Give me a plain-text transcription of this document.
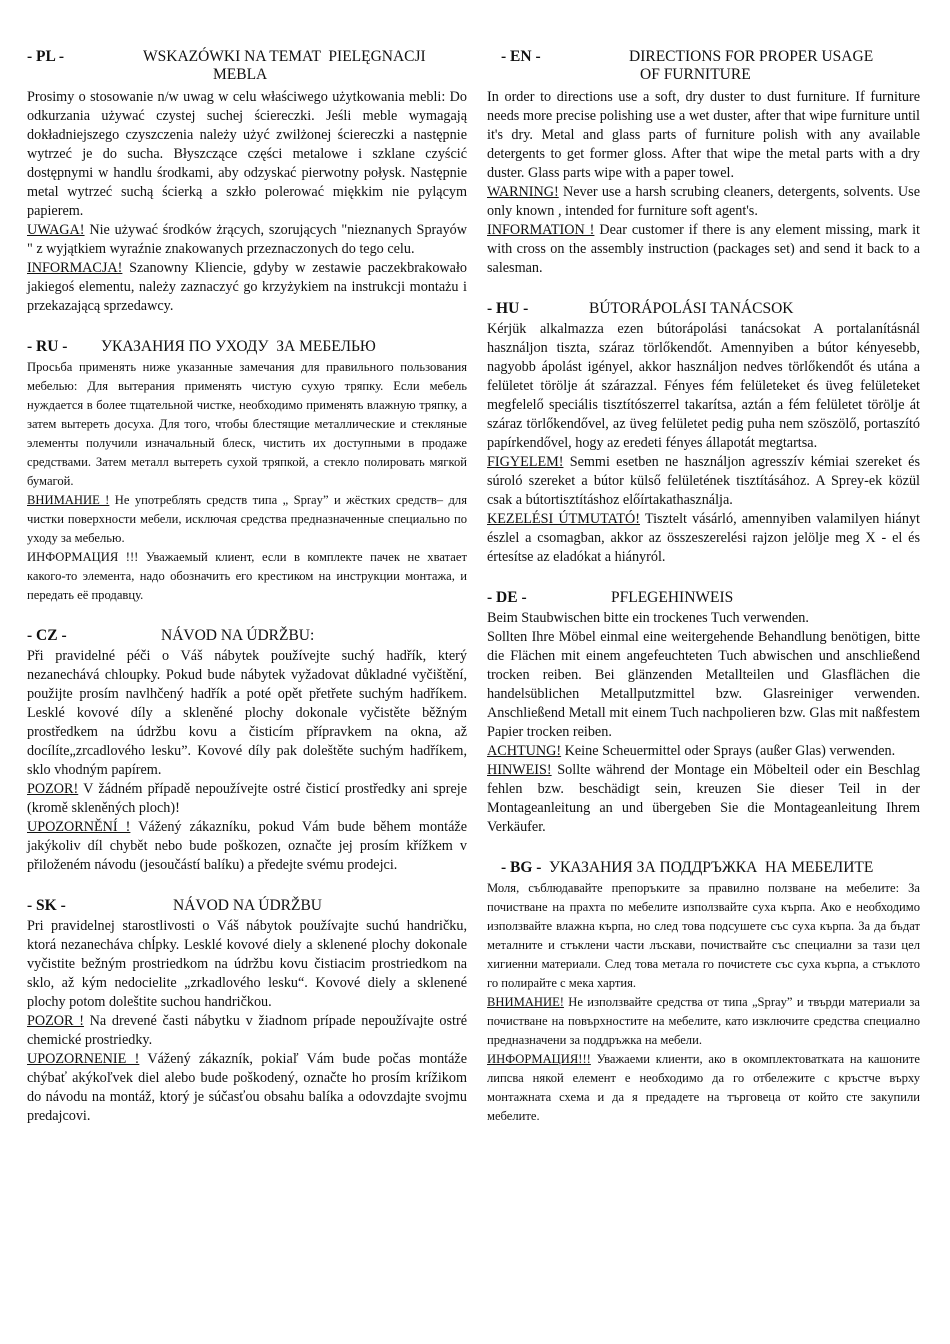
- PL -	WSKAZÓWKI NA TEMAT  PIELĘGNACJI
MEBLA

Prosimy o stosowanie n/w uwag w celu właściwego użytkowania mebli: Do odkurzania używać czystej suchej ściereczki. Jeśli meble wymagają dokładniejszego czyszczenia należy użyć zwilżonej ściereczki a następnie wytrzeć je do sucha. Błyszczące części metalowe i szklane czyścić dostępnymi w handlu środkami, aby odzyskać pierwotny połysk. Następnie metal wytrzeć suchą ścierką a szkło polerować miękkim nie pylącym papierem.

UWAGA! Nie używać środków żrących, szorujących "nieznanych Sprayów " z wyjątkiem wyraźnie znakowanych przeznaczonych do tego celu.

INFORMACJA! Szanowny Kliencie, gdyby w zestawie paczekbrakowało jakiegoś elementu, należy zaznaczyć go krzyżykiem na instrukcji montażu i przekazającą sprzedawcy.

- RU - УКАЗАНИЯ ПО УХОДУ  ЗА МЕБЕЛЬЮ

Просьба применять ниже указанные замечания для правильного пользования мебелью: Для вытерания применять чистую сухую тряпку. Если мебель нуждается в более тщательной чистке, необходимо применять влажную тряпку, а затем вытереть досуха. Для того, чтобы блестящие металлические и стекляные элементы получили изначальный блеск, чистить их доступными в продаже средствами. Затем металл вытереть сухой тряпкой, а стекло полировать мягкой бумагой.

ВНИМАНИЕ ! Не употреблять средств типа „ Spray” и жёстких средств– для чистки поверхности мебели, исключая средства предназначенные специально по уходу за мебелью.

ИНФОРМАЦИЯ !!! Уважаемый клиент, если в комплекте пачек не хватает какого-то элемента, надо обозначить его крестиком на инструкции монтажа, и передать её продавцу.

- CZ -	NÁVOD NA ÚDRŽBU:

Při pravidelné péči o Váš nábytek používejte suchý hadřík, který nezanechává chloupky. Pokud bude nábytek vyžadovat důkladné vyčištění, použijte prosím navlhčený hadřík a poté opět přetřete suchým hadříkem. Lesklé kovové díly a skleněné plochy dokonale vyčistěte běžným prostředkem na údržbu kovu a čisticím přípravkem na okna, až docílíte„zrcadlového lesku”. Kovové díly pak doleštěte suchým hadříkem, sklo vhodným papírem.

POZOR! V žádném případě nepoužívejte ostré čisticí prostředky ani spreje (kromě skleněných ploch)!

UPOZORNĚNÍ ! Vážený zákazníku, pokud Vám bude během montáže jakýkoliv díl chybět nebo bude poškozen, označte jej prosím křížkem v přiloženém návodu (jesoučástí balíku) a předejte svému prodejci.

- SK -	NÁVOD NA ÚDRŽBU

Pri pravidelnej starostlivosti o Váš nábytok používajte suchú handričku, ktorá nezanecháva chĺpky. Lesklé kovové diely a sklenené plochy dokonale vyčistite bežným prostriedkom na údržbu kovu čistiacim prostriedkom na sklo, až kým nedocielite „zrkadlového lesku“. Kovové diely a sklenené plochy potom doleštite suchou handričkou.

POZOR ! Na drevené časti nábytku v žiadnom prípade nepoužívajte ostré chemické prostriedky.

UPOZORNENIE ! Vážený zákazník, pokiaľ Vám bude počas montáže chýbať akýkoľvek diel alebo bude poškodený, označte ho prosím krížikom do návodu na montáž, ktorý je súčasťou obsahu balíka a odovzdajte svojmu predajcovi.

- EN -	DIRECTIONS FOR PROPER USAGE
OF FURNITURE

In order to directions use a soft, dry duster to dust furniture. If furniture needs more precise polishing use a wet duster, after that wipe furniture until it's dry. Metal and glass parts of furniture polish with any available detergents to get former gloss. After that wipe the metal parts with a dry duster. Glass parts wipe with a paper towel.

WARNING! Never use a harsh scrubing cleaners, detergents, solvents. Use only known , intended for furniture soft agent's.

INFORMATION ! Dear customer if there is any element missing, mark it with cross on the assembly instruction (packages set) and send it back to a salesman.

- HU -	BÚTORÁPOLÁSI TANÁCSOK

Kérjük alkalmazza ezen bútorápolási tanácsokat A portalanításnál használjon tiszta, száraz törlőkendőt. Amennyiben a bútor kényesebb, nagyobb ápolást igényel, akkor használjon nedves törlőkendőt és utána a felületet törölje át szárazzal. Fényes fém felületeket és üveg felületeket megfelelő speciális tisztítószerrel takarítsa, aztán a fém felületet törölje át száraz törlőkendővel, az üveg felületet pedig puha nem szöszölő, portaszító papírkendővel, hogy az eredeti fényes állapotát megtartsa.

FIGYELEM! Semmi esetben ne használjon agresszív kémiai szereket és súroló szereket a bútor külső felületének tisztításához. A Sprey-ek közül csak a bútortisztításhoz előírtakathasználja.

KEZELÉSI ÚTMUTATÓ! Tisztelt vásárló, amennyiben valamilyen hiányt észlel a csomagban, akkor az összeszerelési rajzon jelölje meg X - el és értesítse az eladókat a hiányról.

- DE -	PFLEGEHINWEIS

Beim Staubwischen bitte ein trockenes Tuch verwenden.

Sollten Ihre Möbel einmal eine weitergehende Behandlung benötigen, bitte die Flächen mit einem angefeuchteten Tuch abwischen und anschließend trocken reiben. Bei glänzenden Metallteilen und Glasflächen die handelsüblichen Metallputzmittel bzw. Glasreiniger verwenden. Anschließend Metall mit einem Tuch nachpolieren bzw. Glas mit naßfestem Papier trocken reiben.

ACHTUNG! Keine Scheuermittel oder Sprays (außer Glas) verwenden.

HINWEIS! Sollte während der Montage ein Möbelteil oder ein Beschlag fehlen bzw. beschädigt sein, kreuzen Sie dieser Teil in der Montageanleitung an und übergeben Sie die Montageanleitung Ihrem Verkäufer.

- BG - УКАЗАНИЯ ЗА ПОДДРЪЖКА  НА МЕБЕЛИТЕ

Моля, съблюдавайте препоръките за правилно ползване на мебелите: За почистване на прахта по мебелите използвайте суха кърпа. Ако е необходимо използвайте влажна кърпа, но след това подсушете със суха кърпа. За да бъдат металните и стъклени части лъскави, почиствайте със специални за тази цел хигиенни материали. След това метала го почистете със суха кърпа, а стъклото го полирайте с мека хартия.

ВНИМАНИЕ! Не използвайте средства от типа „Spray” и твърди материали за почистване на повърхностите на мебелите, като изключите средства специално предназначени за поддръжка на мебели.

ИНФОРМАЦИЯ!!! Уважаеми клиенти, ако в окомплектоватката на кашоните липсва някой елемент е необходимо да го отбележите с кръстче върху монтажната схема и да я предадете на търговеца от който сте закупили мебелите.
